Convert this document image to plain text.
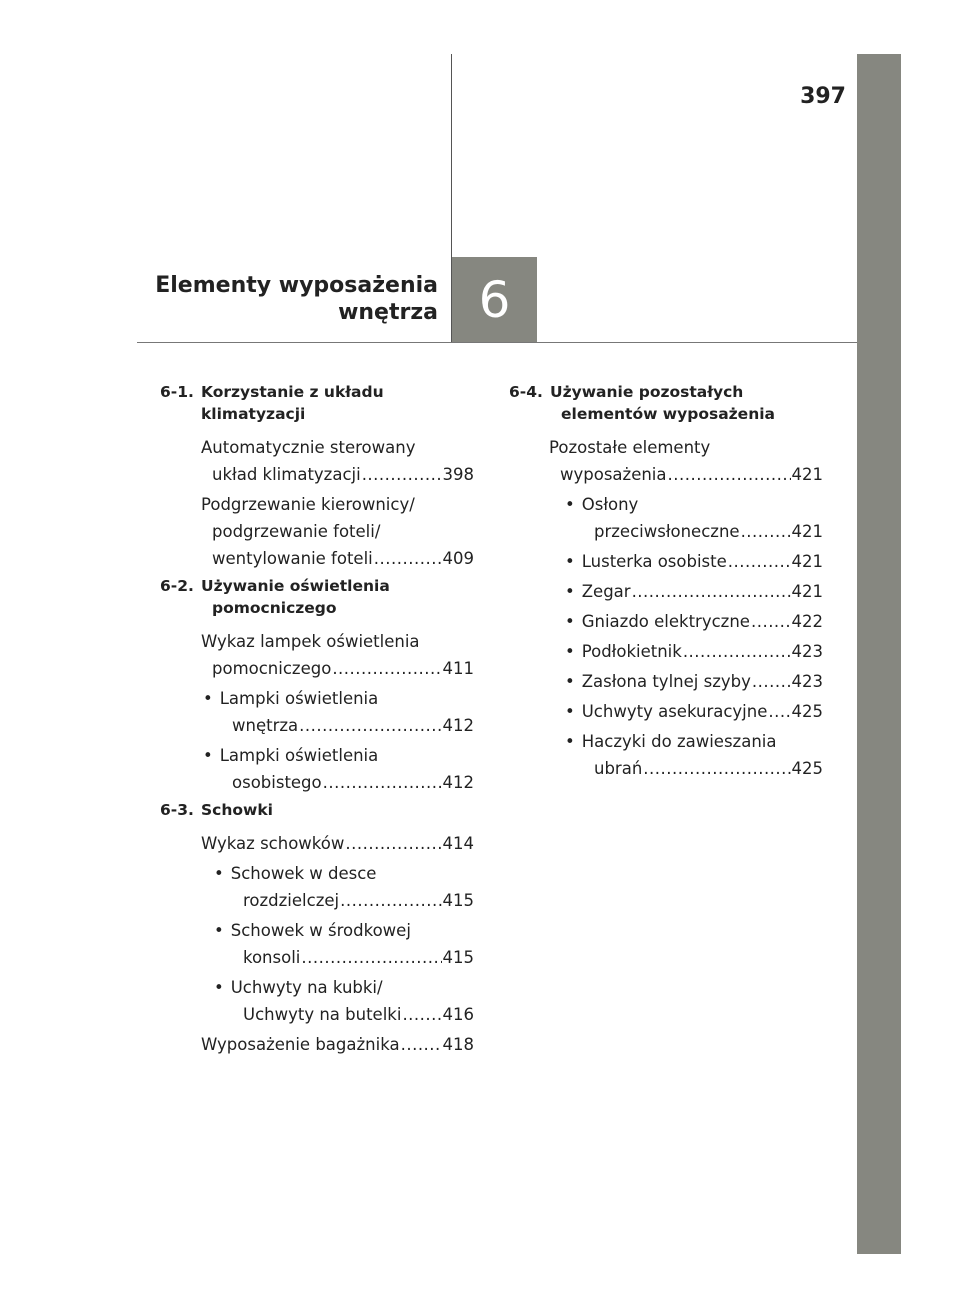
397
Elementy wyposażenia
wnętrza 6
6-1. Korzystanie z układu klimatyzacji
Automatycznie sterowany
układ klimatyzacji .....	398
Podgrzewanie kierownicy/
podgrzewanie foteli/
wentylowanie foteli .....	409
6-2. Używanie oświetlenia
pomocniczego
Wykaz lampek oświetlenia
pomocniczego .....	411
• Lampki oświetlenia
wnętrza .....	412
• Lampki oświetlenia
osobistego .....	412
6-3. Schowki
Wykaz schowków .....	414
• Schowek w desce
rozdzielczej .....	415
• Schowek w środkowej
konsoli .....	415
• Uchwyty na kubki/
Uchwyty na butelki ..... 416
Wyposażenie bagażnika .....	418
6-4. Używanie pozostałych
elementów wyposażenia
Pozostałe elementy
wyposażenia .....	421
• Osłony
przeciwsłoneczne .....	421
• Lusterka osobiste .....	421
• Zegar .....	421
• Gniazdo elektryczne .....	422
• Podłokietnik .....	423
• Zasłona tylnej szyby ..... 423
• Uchwyty asekuracyjne ..... 425
• Haczyki do zawieszania
ubrań .....	425
